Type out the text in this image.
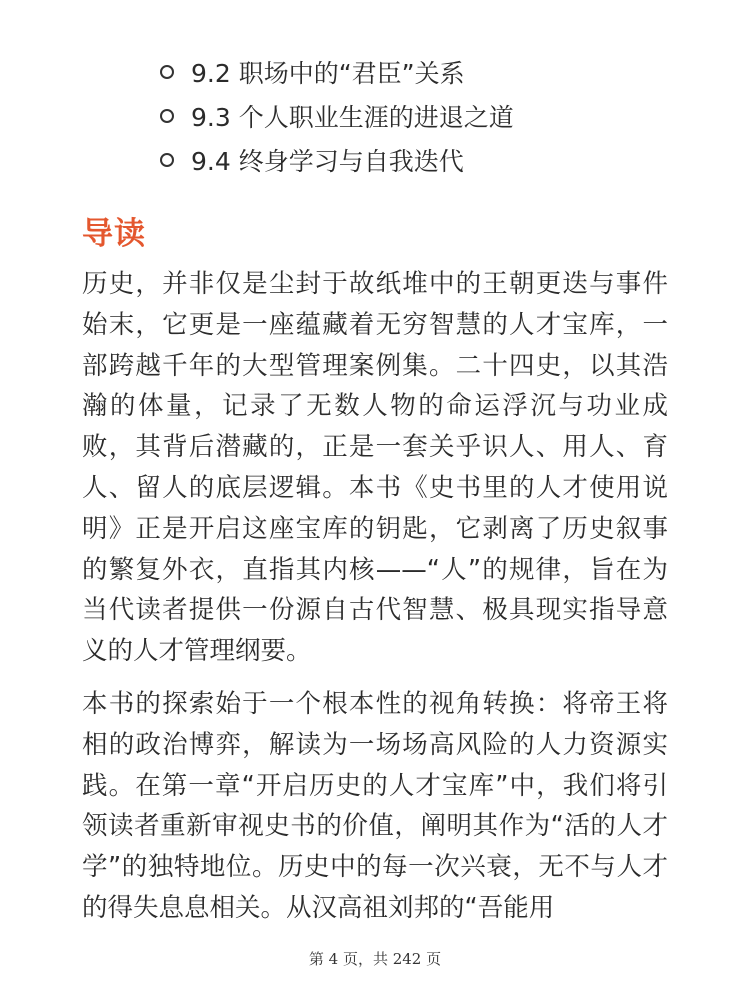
9.2 职场中的“君臣”关系
9.3 个人职业生涯的进退之道
9.4 终身学习与自我迭代
导读

历史，并非仅是尘封于故纸堆中的王朝更迭与事件始末，它更是一座蕴藏着无穷智慧的人才宝库，一部跨越千年的大型管理案例集。二十四史，以其浩瀚的体量，记录了无数人物的命运浮沉与功业成败，其背后潜藏的，正是一套关乎识人、用人、育人、留人的底层逻辑。本书《史书里的人才使用说明》正是开启这座宝库的钥匙，它剥离了历史叙事的繁复外衣，直指其内核——“人”的规律，旨在为当代读者提供一份源自古代智慧、极具现实指导意义的人才管理纲要。

本书的探索始于一个根本性的视角转换：将帝王将相的政治博弈，解读为一场场高风险的人力资源实践。在第一章“开启历史的人才宝库”中，我们将引领读者重新审视史书的价值，阐明其作为“活的人才学”的独特地位。历史中的每一次兴衰，无不与人才的得失息息相关。从汉高祖刘邦的“吾能用

第 4 页，共 242 页
